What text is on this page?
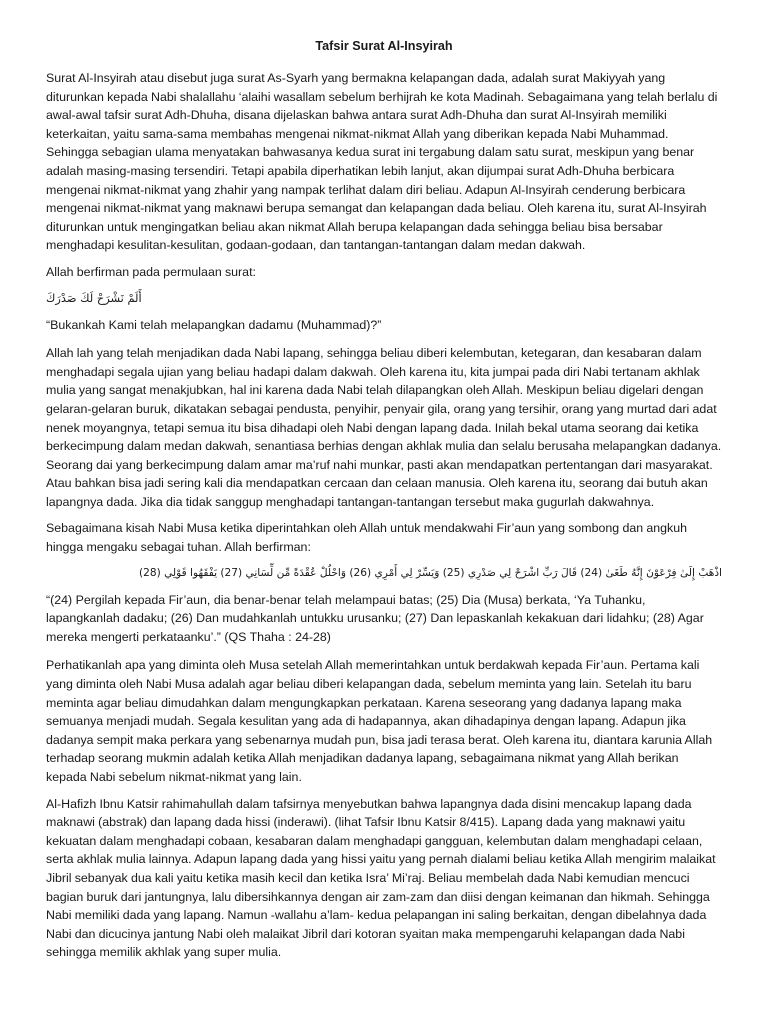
Tafsir Surat Al-Insyirah

Surat Al-Insyirah atau disebut juga surat As-Syarh yang bermakna kelapangan dada, adalah surat Makiyyah yang diturunkan kepada Nabi shalallahu ‘alaihi wasallam sebelum berhijrah ke kota Madinah. Sebagaimana yang telah berlalu di awal-awal tafsir surat Adh-Dhuha, disana dijelaskan bahwa antara surat Adh-Dhuha dan surat Al-Insyirah memiliki keterkaitan, yaitu sama-sama membahas mengenai nikmat-nikmat Allah yang diberikan kepada Nabi Muhammad. Sehingga sebagian ulama menyatakan bahwasanya kedua surat ini tergabung dalam satu surat, meskipun yang benar adalah masing-masing tersendiri. Tetapi apabila diperhatikan lebih lanjut, akan dijumpai surat Adh-Dhuha berbicara mengenai nikmat-nikmat yang zhahir yang nampak terlihat dalam diri beliau. Adapun Al-Insyirah cenderung berbicara mengenai nikmat-nikmat yang maknawi berupa semangat dan kelapangan dada beliau. Oleh karena itu, surat Al-Insyirah diturunkan untuk mengingatkan beliau akan nikmat Allah berupa kelapangan dada sehingga beliau bisa bersabar menghadapi kesulitan-kesulitan, godaan-godaan, dan tantangan-tantangan dalam medan dakwah.

Allah berfirman pada permulaan surat:

أَلَمْ نَشْرَحْ لَكَ صَدْرَكَ

“Bukankah Kami telah melapangkan dadamu (Muhammad)?”

Allah lah yang telah menjadikan dada Nabi lapang, sehingga beliau diberi kelembutan, ketegaran, dan kesabaran dalam menghadapi segala ujian yang beliau hadapi dalam dakwah. Oleh karena itu, kita jumpai pada diri Nabi tertanam akhlak mulia yang sangat menakjubkan, hal ini karena dada Nabi telah dilapangkan oleh Allah. Meskipun beliau digelari dengan gelaran-gelaran buruk, dikatakan sebagai pendusta, penyihir, penyair gila, orang yang tersihir, orang yang murtad dari adat nenek moyangnya, tetapi semua itu bisa dihadapi oleh Nabi dengan lapang dada. Inilah bekal utama seorang dai ketika berkecimpung dalam medan dakwah, senantiasa berhias dengan akhlak mulia dan selalu berusaha melapangkan dadanya. Seorang dai yang berkecimpung dalam amar ma’ruf nahi munkar, pasti akan mendapatkan pertentangan dari masyarakat. Atau bahkan bisa jadi sering kali dia mendapatkan cercaan dan celaan manusia. Oleh karena itu, seorang dai butuh akan lapangnya dada. Jika dia tidak sanggup menghadapi tantangan-tantangan tersebut maka gugurlah dakwahnya.

Sebagaimana kisah Nabi Musa ketika diperintahkan oleh Allah untuk mendakwahi Fir’aun yang sombong dan angkuh hingga mengaku sebagai tuhan. Allah berfirman:

اذْهَبْ إِلَىٰ فِرْعَوْنَ إِنَّهُ طَغَىٰ (24) قَالَ رَبِّ اشْرَحْ لِي صَدْرِي (25) وَيَسِّرْ لِي أَمْرِي (26) وَاحْلُلْ عُقْدَةً مِّن لِّسَانِي (27) يَفْقَهُوا قَوْلِي (28)

“(24) Pergilah kepada Fir’aun, dia benar-benar telah melampaui batas; (25) Dia (Musa) berkata, ‘Ya Tuhanku, lapangkanlah dadaku; (26) Dan mudahkanlah untukku urusanku; (27) Dan lepaskanlah kekakuan dari lidahku; (28) Agar mereka mengerti perkataanku’.” (QS Thaha : 24-28)

Perhatikanlah apa yang diminta oleh Musa setelah Allah memerintahkan untuk berdakwah kepada Fir’aun. Pertama kali yang diminta oleh Nabi Musa adalah agar beliau diberi kelapangan dada, sebelum meminta yang lain. Setelah itu baru meminta agar beliau dimudahkan dalam mengungkapkan perkataan. Karena seseorang yang dadanya lapang maka semuanya menjadi mudah. Segala kesulitan yang ada di hadapannya, akan dihadapinya dengan lapang. Adapun jika dadanya sempit maka perkara yang sebenarnya mudah pun, bisa jadi terasa berat. Oleh karena itu, diantara karunia Allah terhadap seorang mukmin adalah ketika Allah menjadikan dadanya lapang, sebagaimana nikmat yang Allah berikan kepada Nabi sebelum nikmat-nikmat yang lain.

Al-Hafizh Ibnu Katsir rahimahullah dalam tafsirnya menyebutkan bahwa lapangnya dada disini mencakup lapang dada maknawi (abstrak) dan lapang dada hissi (inderawi). (lihat Tafsir Ibnu Katsir 8/415). Lapang dada yang maknawi yaitu kekuatan dalam menghadapi cobaan, kesabaran dalam menghadapi gangguan, kelembutan dalam menghadapi celaan, serta akhlak mulia lainnya. Adapun lapang dada yang hissi yaitu yang pernah dialami beliau ketika Allah mengirim malaikat Jibril sebanyak dua kali yaitu ketika masih kecil dan ketika Isra’ Mi’raj. Beliau membelah dada Nabi kemudian mencuci bagian buruk dari jantungnya, lalu dibersihkannya dengan air zam-zam dan diisi dengan keimanan dan hikmah. Sehingga Nabi memiliki dada yang lapang. Namun -wallahu a’lam- kedua pelapangan ini saling berkaitan, dengan dibelahnya dada Nabi dan dicucinya jantung Nabi oleh malaikat Jibril dari kotoran syaitan maka mempengaruhi kelapangan dada Nabi sehingga memilik akhlak yang super mulia.
